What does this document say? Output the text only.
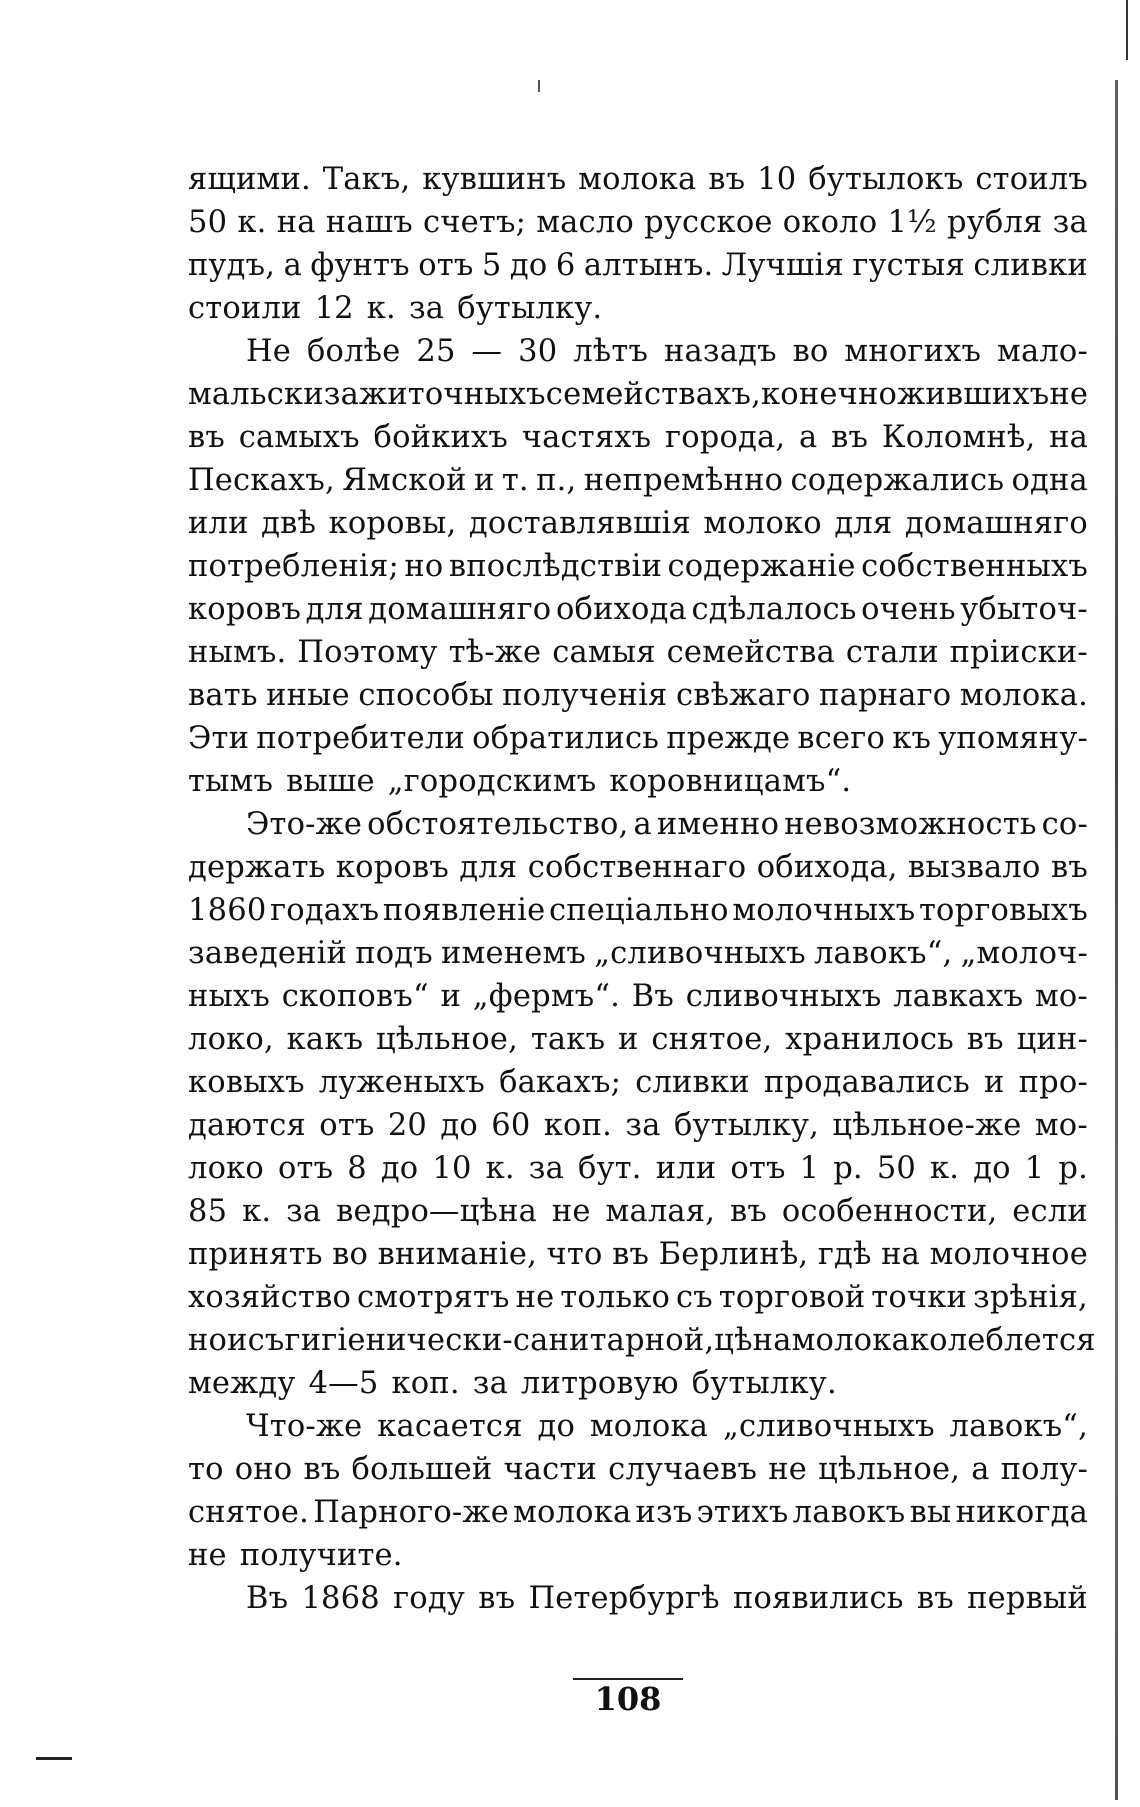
ящими. Такъ, кувшинъ молока въ 10 бутылокъ стоилъ
50 к. на нашъ счетъ; масло русское около 1½ рубля за
пудъ, а фунтъ отъ 5 до 6 алтынъ. Лучшія густыя сливки
стоили 12 к. за бутылку.
Не болѣе 25 — 30 лѣтъ назадъ во многихъ мало-
мальски зажиточныхъ семействахъ, конечно жившихъ не
въ самыхъ бойкихъ частяхъ города, а въ Коломнѣ, на
Пескахъ, Ямской и т. п., непремѣнно содержались одна
или двѣ коровы, доставлявшія молоко для домашняго
потребленія; но впослѣдствіи содержаніе собственныхъ
коровъ для домашняго обихода сдѣлалось очень убыточ-
нымъ. Поэтому тѣ-же самыя семейства стали пріиски-
вать иные способы полученія свѣжаго парнаго молока.
Эти потребители обратились прежде всего къ упомяну-
тымъ выше „городскимъ коровницамъ“.
Это-же обстоятельство, а именно невозможность со-
держать коровъ для собственнаго обихода, вызвало въ
1860 годахъ появленіе спеціально молочныхъ торговыхъ
заведеній подъ именемъ „сливочныхъ лавокъ“, „молоч-
ныхъ скоповъ“ и „фермъ“. Въ сливочныхъ лавкахъ мо-
локо, какъ цѣльное, такъ и снятое, хранилось въ цин-
ковыхъ луженыхъ бакахъ; сливки продавались и про-
даются отъ 20 до 60 коп. за бутылку, цѣльное-же мо-
локо отъ 8 до 10 к. за бут. или отъ 1 р. 50 к. до 1 р.
85 к. за ведро—цѣна не малая, въ особенности, если
принять во вниманіе, что въ Берлинѣ, гдѣ на молочное
хозяйство смотрятъ не только съ торговой точки зрѣнія,
но и съ гигіенически-санитарной, цѣна молока колеблется
между 4—5 коп. за литровую бутылку.
Что-же касается до молока „сливочныхъ лавокъ“,
то оно въ большей части случаевъ не цѣльное, а полу-
снятое. Парного-же молока изъ этихъ лавокъ вы никогда
не получите.
Въ 1868 году въ Петербургѣ появились въ первый
108
